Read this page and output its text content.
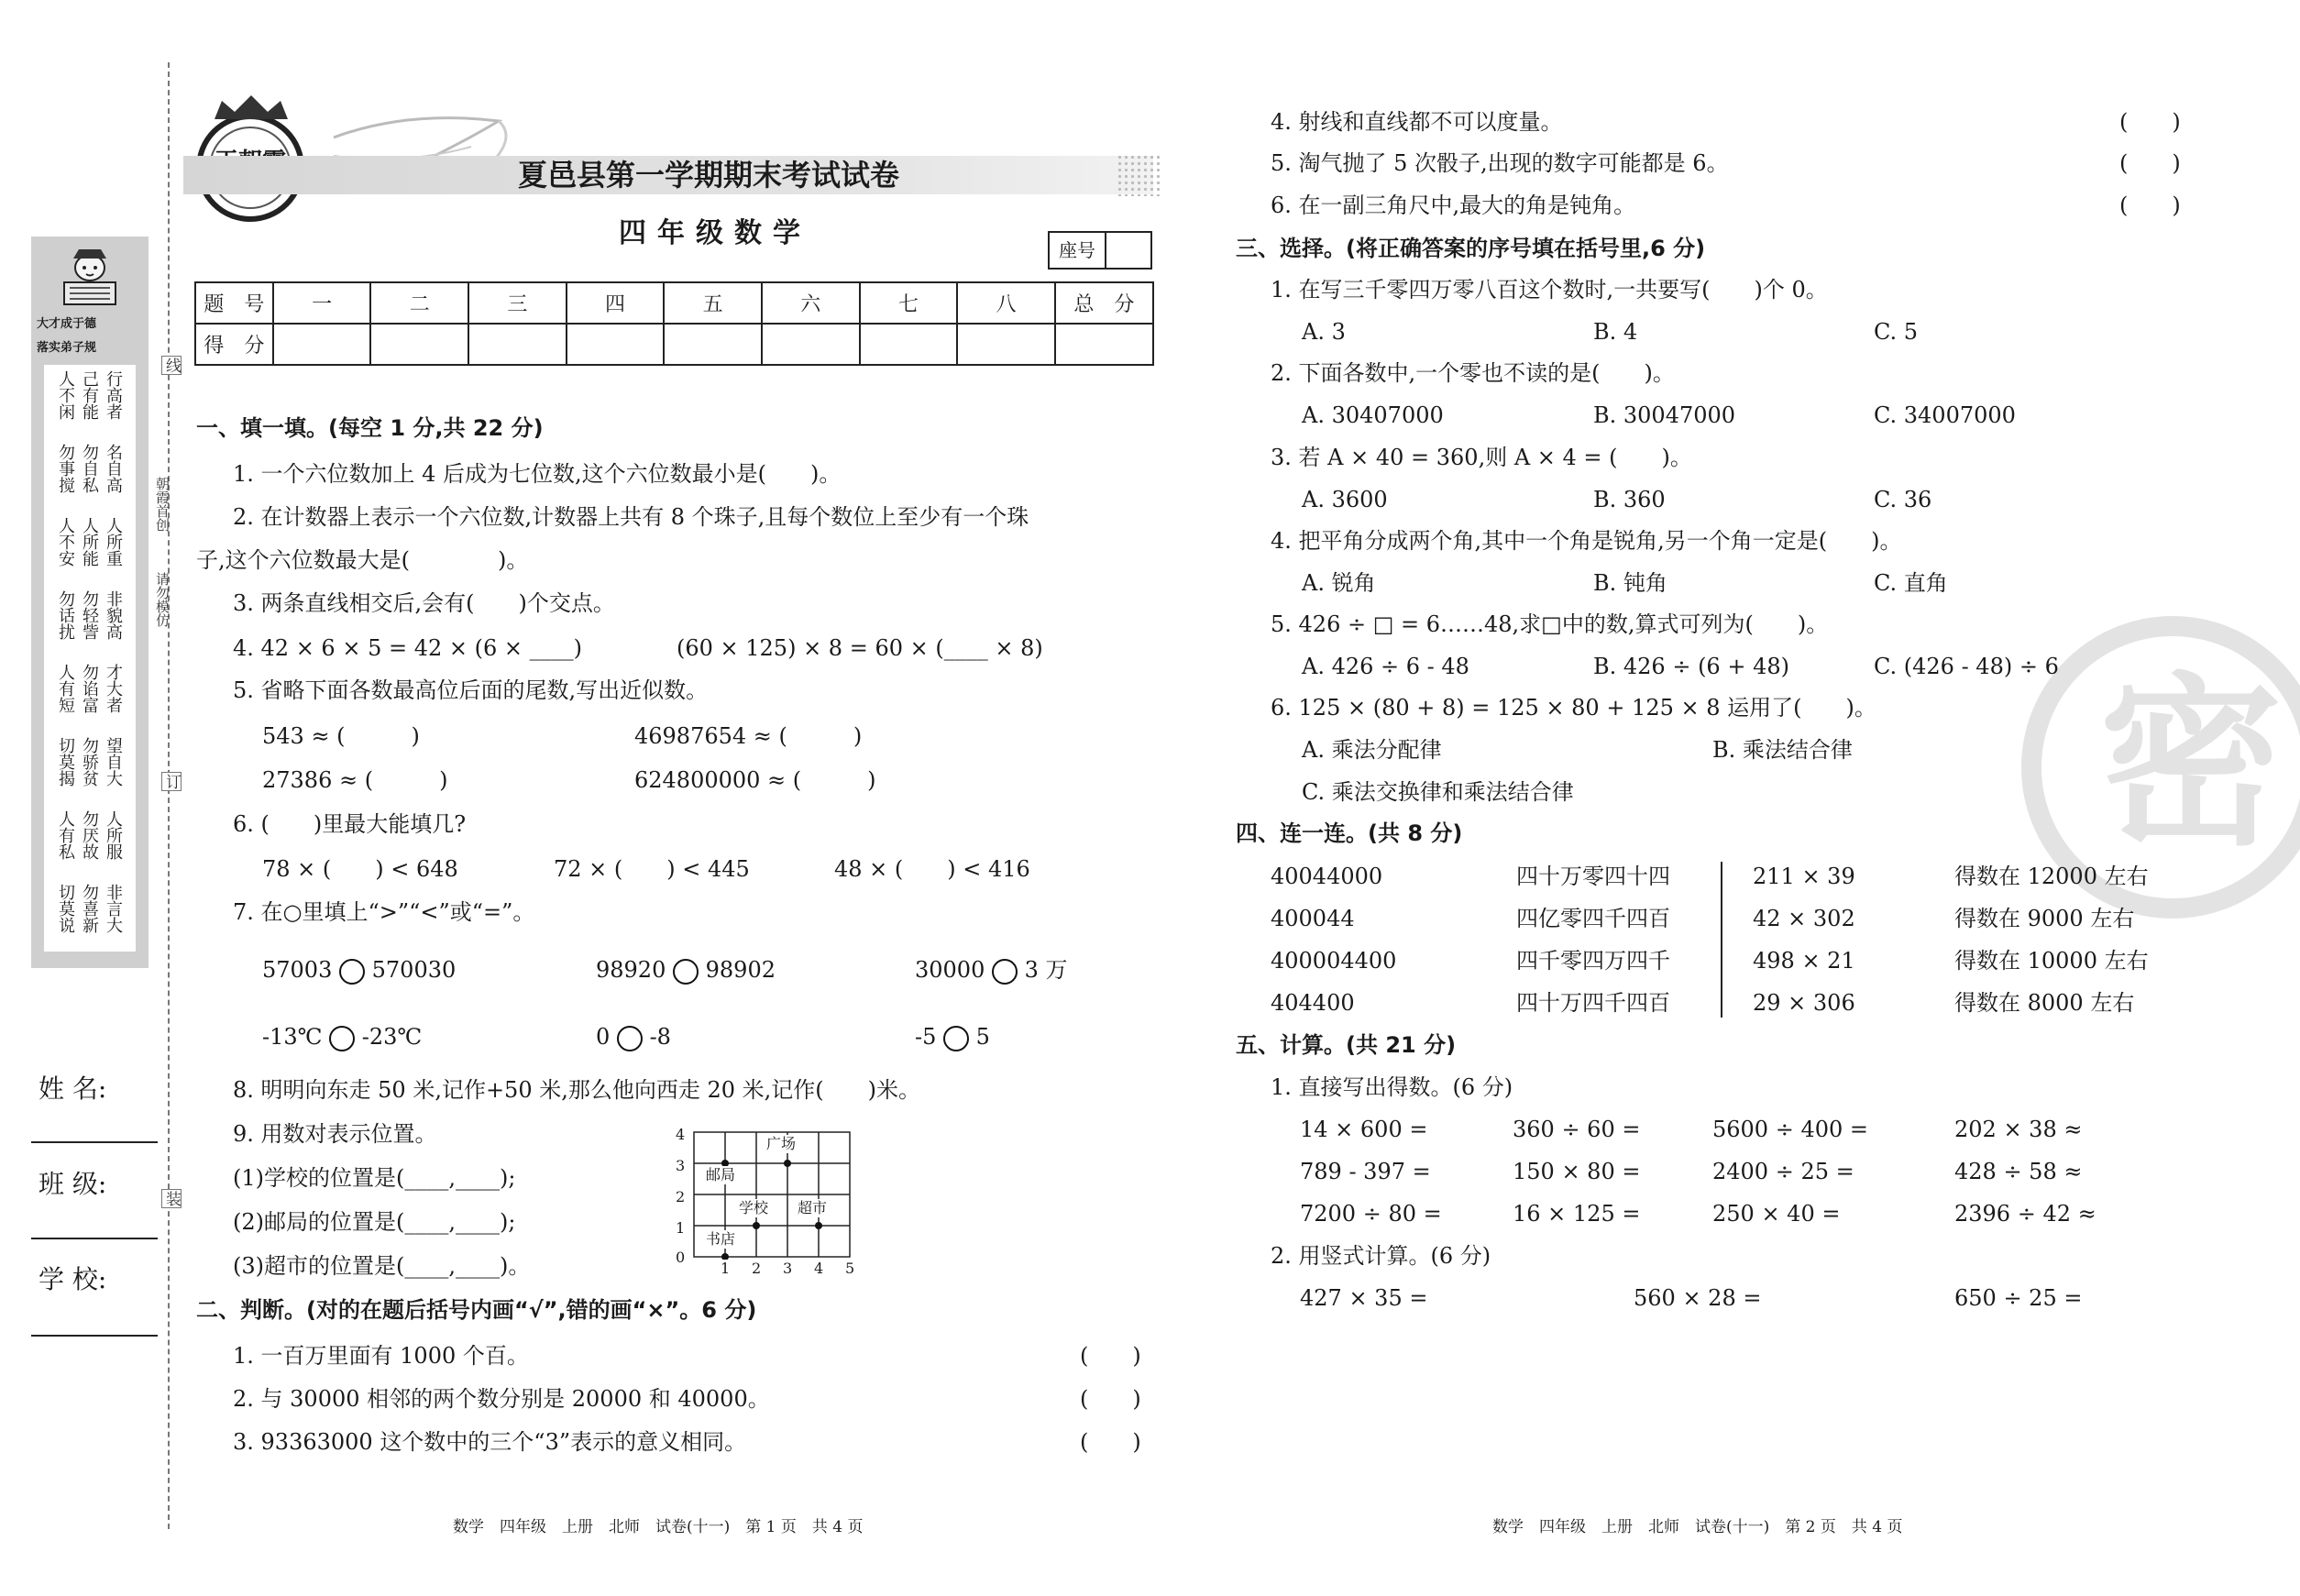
大才成于德
落实弟子规
人不闲 己有能 行高者
勿事搅 勿自私 名自高
人不安 人所能 人所重
勿话扰 勿轻訾 非貌高
人有短 勿谄富 才大者
切莫揭 勿骄贫 望自大
人有私 勿厌故 人所服
切莫说 勿喜新 非言大
朝霞首创
请勿模仿
线
订
装
姓 名:
班 级:
学 校:
夏邑县第一学期期末考试试卷
四年级数学
座号
题　号	一	二	三	四	五	六	七	八	总　分
得　分									
一、填一填。(每空 1 分,共 22 分)
1. 一个六位数加上 4 后成为七位数,这个六位数最小是(　　)。
2. 在计数器上表示一个六位数,计数器上共有 8 个珠子,且每个数位上至少有一个珠
子,这个六位数最大是(　　　　)。
3. 两条直线相交后,会有(　　)个交点。
4. 42 × 6 × 5 = 42 × (6 × ____)	(60 × 125) × 8 = 60 × (____ × 8)
5. 省略下面各数最高位后面的尾数,写出近似数。
543 ≈ (　　　)	46987654 ≈ (　　　)
27386 ≈ (　　　)	624800000 ≈ (　　　)
6. (　　)里最大能填几?
78 × (　　) < 648	72 × (　　) < 445	48 × (　　) < 416
7. 在○里填上“>”“<”或“=”。
57003 570030	98920 98902	30000 3 万
-13℃ -23℃	0 -8	-5 5
8. 明明向东走 50 米,记作+50 米,那么他向西走 20 米,记作(　　)米。
9. 用数对表示位置。
(1)学校的位置是(____,____);
(2)邮局的位置是(____,____);
(3)超市的位置是(____,____)。
4
3
2
1
0
1 2 3 4 5
广场
邮局
学校 超市
书店
二、判断。(对的在题后括号内画“√”,错的画“×”。6 分)
1. 一百万里面有 1000 个百。	(　　)
2. 与 30000 相邻的两个数分别是 20000 和 40000。	(　　)
3. 93363000 这个数中的三个“3”表示的意义相同。	(　　)
数学　四年级　上册　北师　试卷(十一)　第 1 页　共 4 页
密
4. 射线和直线都不可以度量。	(　　)
5. 淘气抛了 5 次骰子,出现的数字可能都是 6。	(　　)
6. 在一副三角尺中,最大的角是钝角。	(　　)
三、选择。(将正确答案的序号填在括号里,6 分)
1. 在写三千零四万零八百这个数时,一共要写(　　)个 0。
A. 3	B. 4	C. 5
2. 下面各数中,一个零也不读的是(　　)。
A. 30407000	B. 30047000	C. 34007000
3. 若 A × 40 = 360,则 A × 4 = (　　)。
A. 3600	B. 360	C. 36
4. 把平角分成两个角,其中一个角是锐角,另一个角一定是(　　)。
A. 锐角	B. 钝角	C. 直角
5. 426 ÷ □ = 6……48,求□中的数,算式可列为(　　)。
A. 426 ÷ 6 - 48	B. 426 ÷ (6 + 48)	C. (426 - 48) ÷ 6
6. 125 × (80 + 8) = 125 × 80 + 125 × 8 运用了(　　)。
A. 乘法分配律	B. 乘法结合律
C. 乘法交换律和乘法结合律
四、连一连。(共 8 分)
40044000	四十万零四十四	211 × 39	得数在 12000 左右
400044	四亿零四千四百	42 × 302	得数在 9000 左右
400004400	四千零四万四千	498 × 21	得数在 10000 左右
404400	四十万四千四百	29 × 306	得数在 8000 左右
五、计算。(共 21 分)
1. 直接写出得数。(6 分)
14 × 600 =	360 ÷ 60 =	5600 ÷ 400 =	202 × 38 ≈
789 - 397 =	150 × 80 =	2400 ÷ 25 =	428 ÷ 58 ≈
7200 ÷ 80 =	16 × 125 =	250 × 40 =	2396 ÷ 42 ≈
2. 用竖式计算。(6 分)
427 × 35 =	560 × 28 =	650 ÷ 25 =
数学　四年级　上册　北师　试卷(十一)　第 2 页　共 4 页
